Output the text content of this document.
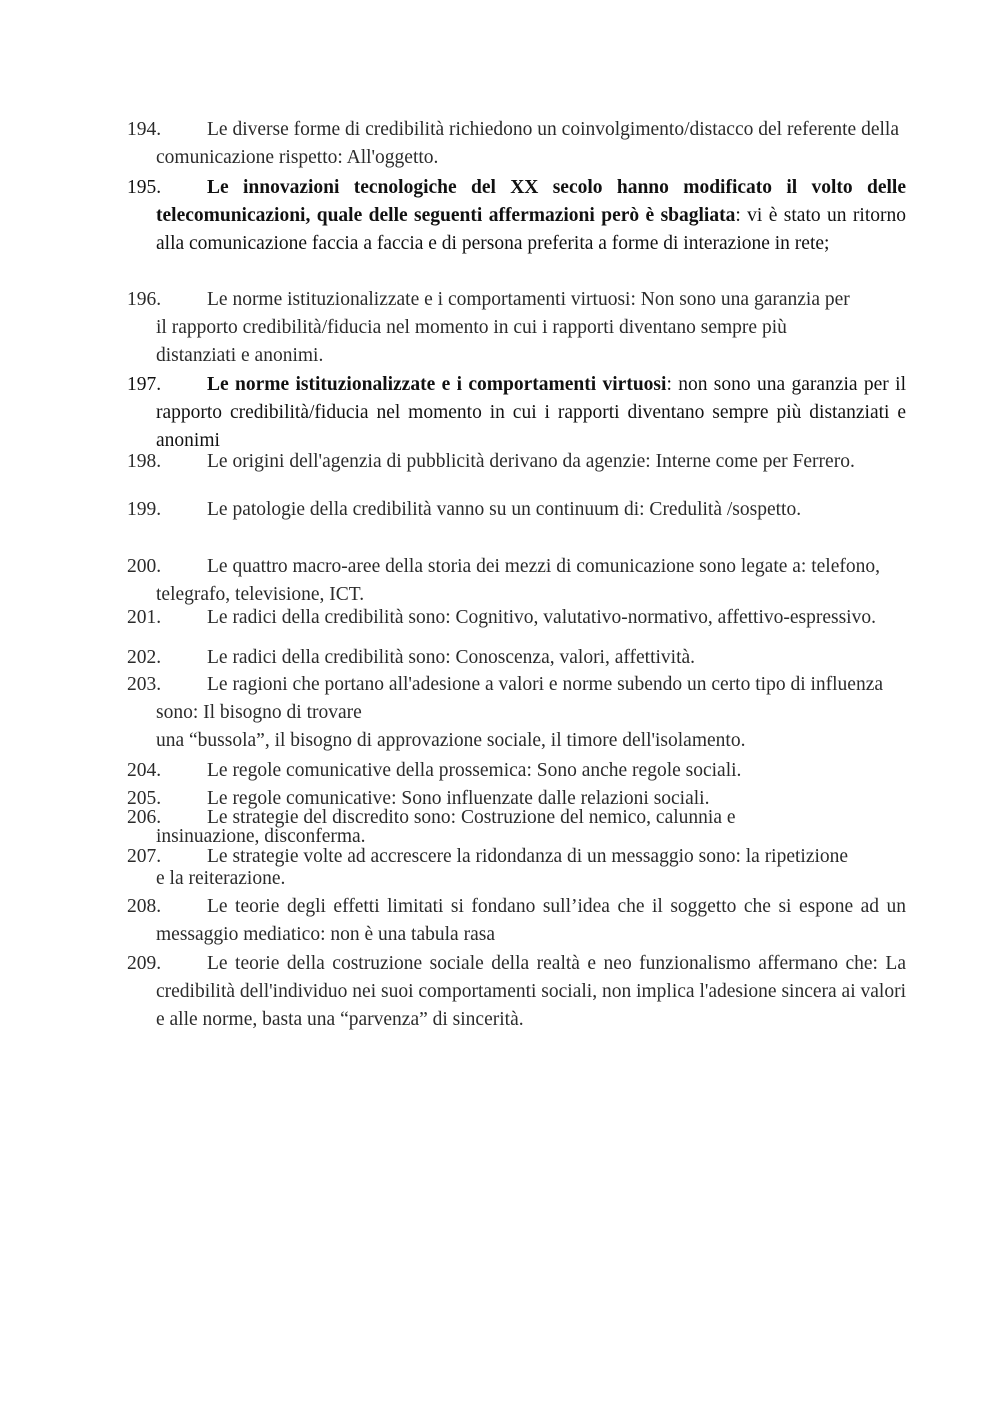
194.	Le diverse forme di credibilità richiedono un coinvolgimento/distacco del referente della comunicazione rispetto: All'oggetto.
195.	Le innovazioni tecnologiche del XX secolo hanno modificato il volto delle telecomunicazioni, quale delle seguenti affermazioni però è sbagliata: vi è stato un ritorno alla comunicazione faccia a faccia e di persona preferita a forme di interazione in rete;
196.	Le norme istituzionalizzate e i comportamenti virtuosi: Non sono una garanzia per il rapporto credibilità/fiducia nel momento in cui i rapporti diventano sempre più distanziati e anonimi.
197.	Le norme istituzionalizzate e i comportamenti virtuosi: non sono una garanzia per il rapporto credibilità/fiducia nel momento in cui i rapporti diventano sempre più distanziati e anonimi
198.	Le origini dell'agenzia di pubblicità derivano da agenzie: Interne come per Ferrero.
199.	Le patologie della credibilità vanno su un continuum di: Credulità /sospetto.
200.	Le quattro macro-aree della storia dei mezzi di comunicazione sono legate a: telefono, telegrafo, televisione, ICT.
201.	Le radici della credibilità sono: Cognitivo, valutativo-normativo, affettivo-espressivo.
202.	Le radici della credibilità sono: Conoscenza, valori, affettività.
203.	Le ragioni che portano all'adesione a valori e norme subendo un certo tipo di influenza sono: Il bisogno di trovare
una “bussola”, il bisogno di approvazione sociale, il timore dell'isolamento.
204.	Le regole comunicative della prossemica: Sono anche regole sociali.
205.	Le regole comunicative: Sono influenzate dalle relazioni sociali.
206.	Le strategie del discredito sono: Costruzione del nemico, calunnia e insinuazione, disconferma.
207.	Le strategie volte ad accrescere la ridondanza di un messaggio sono: la ripetizione e la reiterazione.
208.	Le teorie degli effetti limitati si fondano sull’idea che il soggetto che si espone ad un messaggio mediatico: non è una tabula rasa
209.	Le teorie della costruzione sociale della realtà e neo funzionalismo affermano che: La credibilità dell'individuo nei suoi comportamenti sociali, non implica l'adesione sincera ai valori e alle norme, basta una “parvenza” di sincerità.
